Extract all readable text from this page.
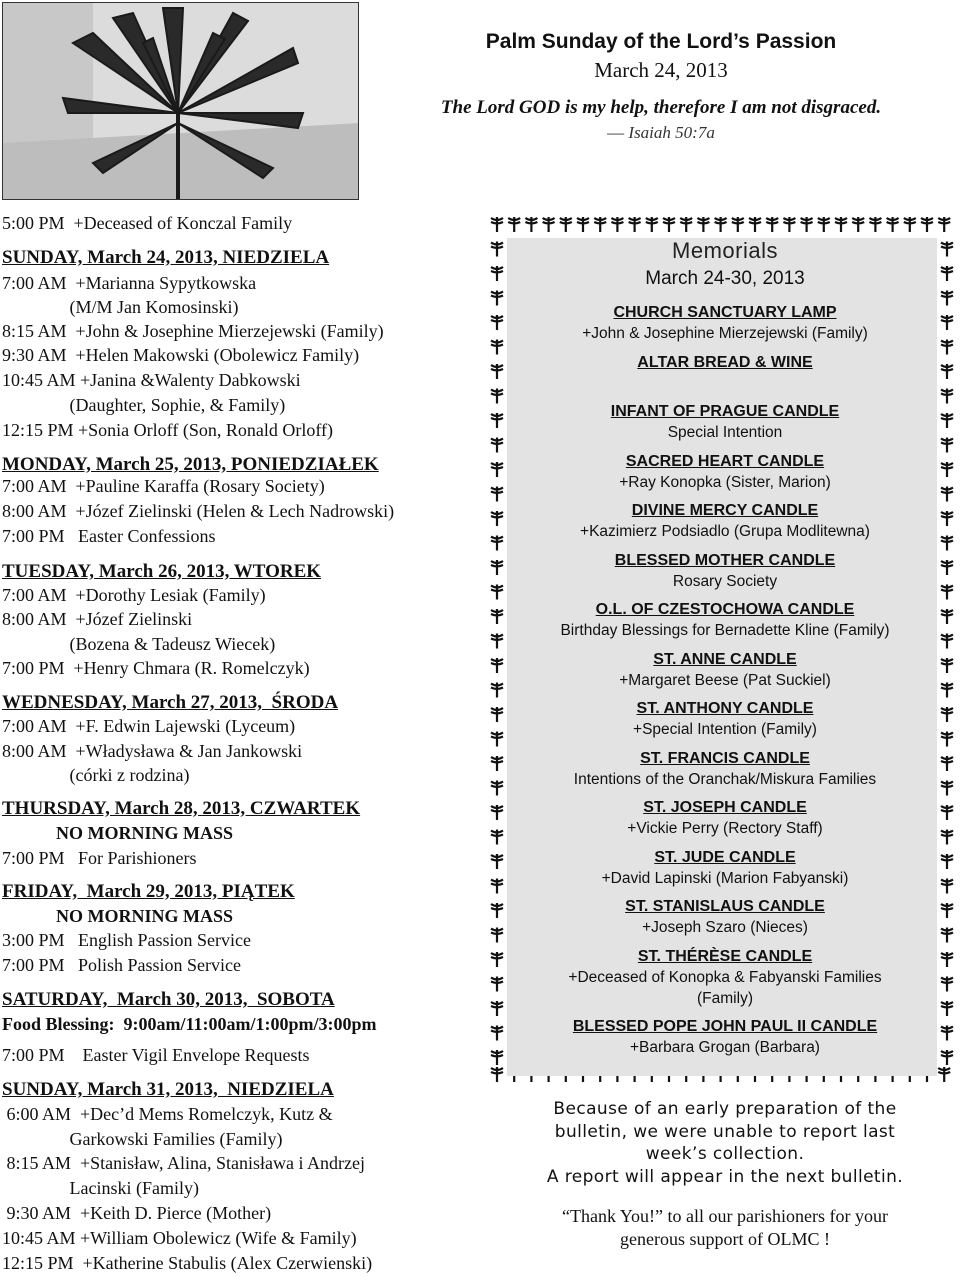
Palm Sunday of the Lord’s Passion
March 24, 2013
The Lord GOD is my help, therefore I am not disgraced.
— Isaiah 50:7a
5:00 PM  +Deceased of Konczal Family
SUNDAY, March 24, 2013, NIEDZIELA
7:00 AM  +Marianna Sypytkowska
(M/M Jan Komosinski)
8:15 AM  +John & Josephine Mierzejewski (Family)
9:30 AM  +Helen Makowski (Obolewicz Family)
10:45 AM +Janina &Walenty Dabkowski
(Daughter, Sophie, & Family)
12:15 PM +Sonia Orloff (Son, Ronald Orloff)
MONDAY, March 25, 2013, PONIEDZIAŁEK
7:00 AM  +Pauline Karaffa (Rosary Society)
8:00 AM  +Józef Zielinski (Helen & Lech Nadrowski)
7:00 PM   Easter Confessions
TUESDAY, March 26, 2013, WTOREK
7:00 AM  +Dorothy Lesiak (Family)
8:00 AM  +Józef Zielinski
(Bozena & Tadeusz Wiecek)
7:00 PM  +Henry Chmara (R. Romelczyk)
WEDNESDAY, March 27, 2013,  ŚRODA
7:00 AM  +F. Edwin Lajewski (Lyceum)
8:00 AM  +Władysława & Jan Jankowski
(córki z rodzina)
THURSDAY, March 28, 2013, CZWARTEK
NO MORNING MASS
7:00 PM   For Parishioners
FRIDAY,  March 29, 2013, PIĄTEK
NO MORNING MASS
3:00 PM   English Passion Service
7:00 PM   Polish Passion Service
SATURDAY,  March 30, 2013,  SOBOTA
Food Blessing:  9:00am/11:00am/1:00pm/3:00pm
7:00 PM    Easter Vigil Envelope Requests
SUNDAY, March 31, 2013,  NIEDZIELA
6:00 AM  +Dec’d Mems Romelczyk, Kutz &
Garkowski Families (Family)
8:15 AM  +Stanisław, Alina, Stanisława i Andrzej
Lacinski (Family)
9:30 AM  +Keith D. Pierce (Mother)
10:45 AM +William Obolewicz (Wife & Family)
12:15 PM  +Katherine Stabulis (Alex Czerwienski)
Memorials
March 24-30, 2013
CHURCH SANCTUARY LAMP
+John & Josephine Mierzejewski (Family)
ALTAR BREAD & WINE
INFANT OF PRAGUE CANDLE
Special Intention
SACRED HEART CANDLE
+Ray Konopka (Sister, Marion)
DIVINE MERCY CANDLE
+Kazimierz Podsiadlo (Grupa Modlitewna)
BLESSED MOTHER CANDLE
Rosary Society
O.L. OF CZESTOCHOWA CANDLE
Birthday Blessings for Bernadette Kline (Family)
ST. ANNE CANDLE
+Margaret Beese (Pat Suckiel)
ST. ANTHONY CANDLE
+Special Intention (Family)
ST. FRANCIS CANDLE
Intentions of the Oranchak/Miskura Families
ST. JOSEPH CANDLE
+Vickie Perry (Rectory Staff)
ST. JUDE CANDLE
+David Lapinski (Marion Fabyanski)
ST. STANISLAUS CANDLE
+Joseph Szaro (Nieces)
ST. THÉRÈSE CANDLE
+Deceased of Konopka & Fabyanski Families
(Family)
BLESSED POPE JOHN PAUL II CANDLE
+Barbara Grogan (Barbara)
Because of an early preparation of the
bulletin, we were unable to report last
week’s collection.
A report will appear in the next bulletin.
“Thank You!” to all our parishioners for your
generous support of OLMC !
